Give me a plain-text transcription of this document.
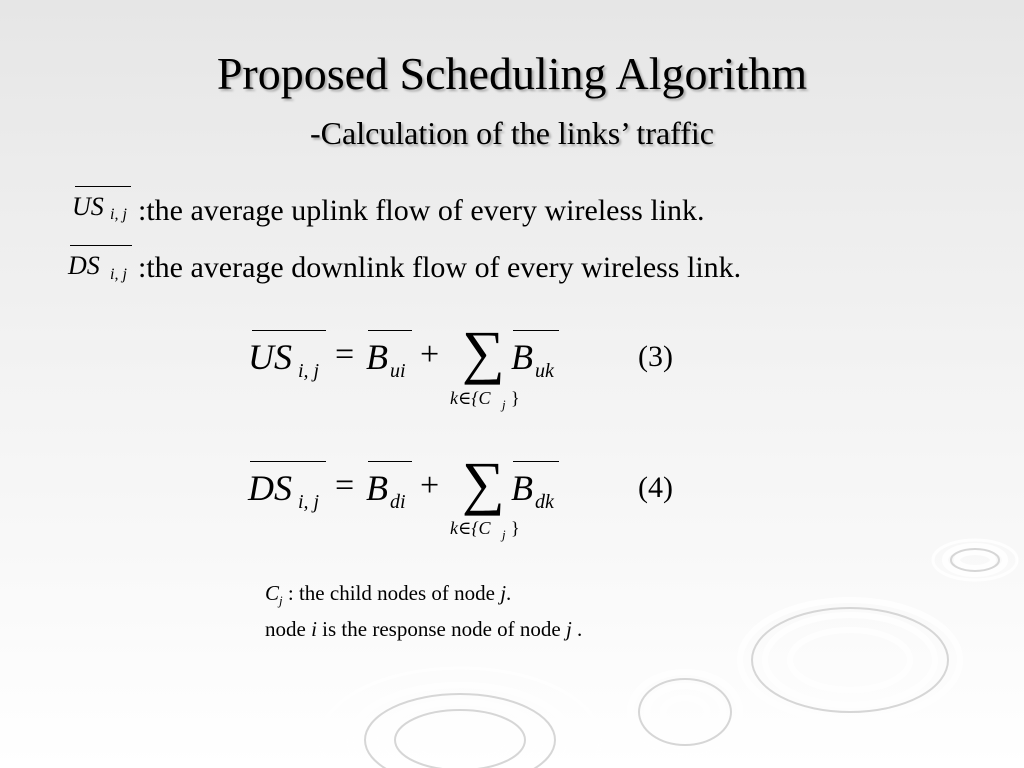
Proposed Scheduling Algorithm
-Calculation of the links’ traffic
US i, j :the average uplink flow of every wireless link.
DS i, j :the average downlink flow of every wireless link.
US i, j = B ui + ∑
k∈{C j }
B uk	(3)
DS i, j = B di + ∑
k∈{C j }
B dk	(4)
$C_j$ : the child nodes of node j.
node i is the response node of node j .
